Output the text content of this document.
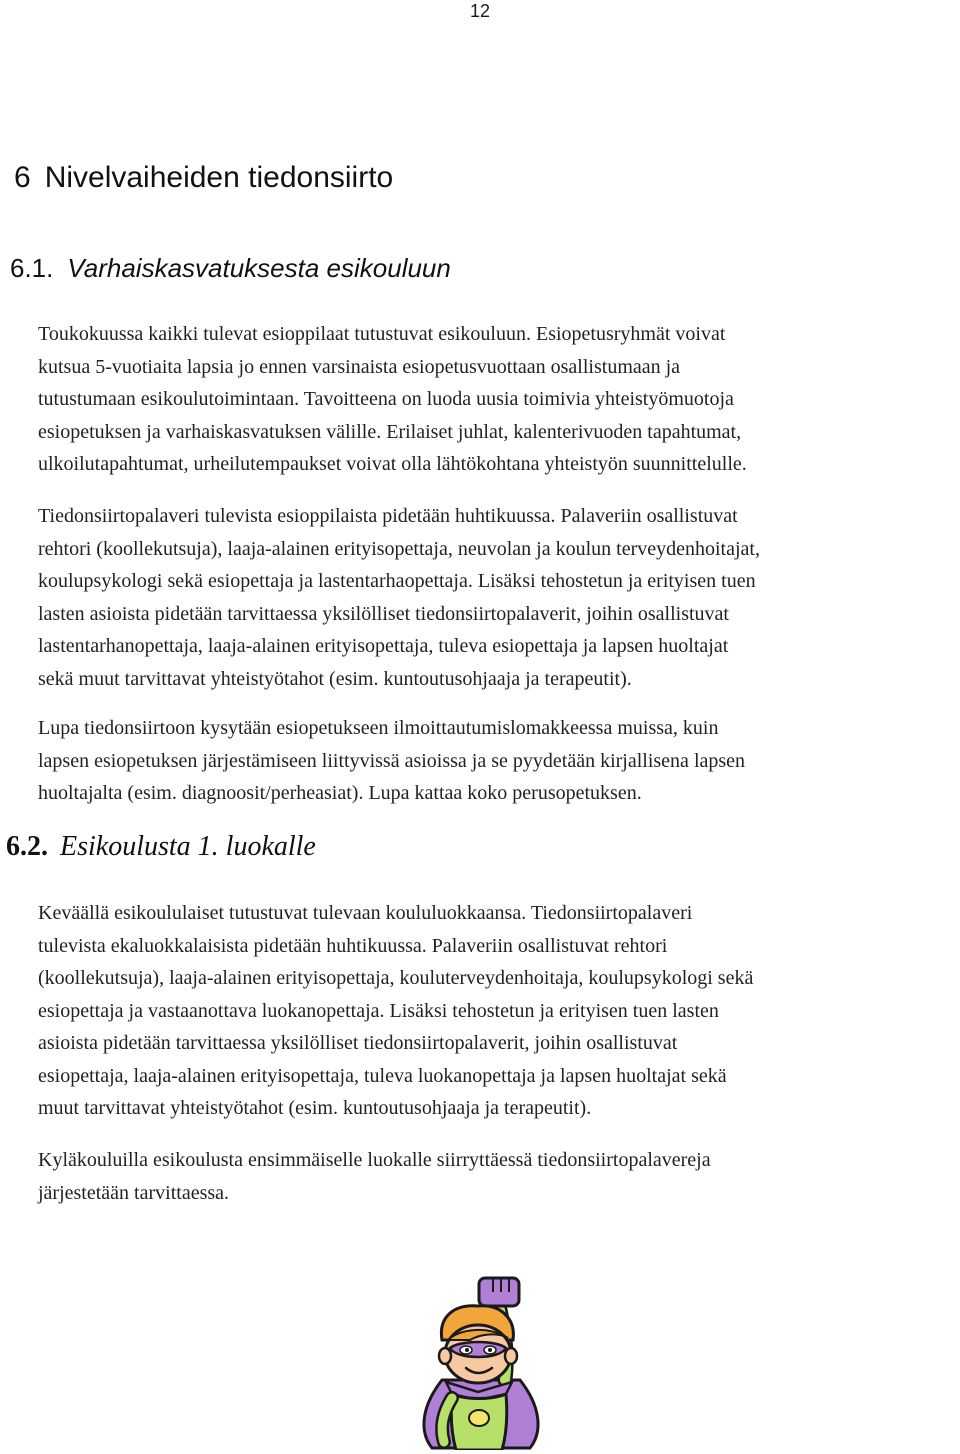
12
6 Nivelvaiheiden tiedonsiirto
6.1. Varhaiskasvatuksesta esikouluun

Toukokuussa kaikki tulevat esioppilaat tutustuvat esikouluun. Esiopetusryhmät voivat
kutsua 5-vuotiaita lapsia jo ennen varsinaista esiopetusvuottaan osallistumaan ja
tutustumaan esikoulutoimintaan. Tavoitteena on luoda uusia toimivia yhteistyömuotoja
esiopetuksen ja varhaiskasvatuksen välille. Erilaiset juhlat, kalenterivuoden tapahtumat,
ulkoilutapahtumat, urheilutempaukset voivat olla lähtökohtana yhteistyön suunnittelulle.

Tiedonsiirtopalaveri tulevista esioppilaista pidetään huhtikuussa. Palaveriin osallistuvat
rehtori (koollekutsuja), laaja-alainen erityisopettaja, neuvolan ja koulun terveydenhoitajat,
koulupsykologi sekä esiopettaja ja lastentarhaopettaja. Lisäksi tehostetun ja erityisen tuen
lasten asioista pidetään tarvittaessa yksilölliset tiedonsiirtopalaverit, joihin osallistuvat
lastentarhanopettaja, laaja-alainen erityisopettaja, tuleva esiopettaja ja lapsen huoltajat
sekä muut tarvittavat yhteistyötahot (esim. kuntoutusohjaaja ja terapeutit).

Lupa tiedonsiirtoon kysytään esiopetukseen ilmoittautumislomakkeessa muissa, kuin
lapsen esiopetuksen järjestämiseen liittyvissä asioissa ja se pyydetään kirjallisena lapsen
huoltajalta (esim. diagnoosit/perheasiat). Lupa kattaa koko perusopetuksen.

6.2. Esikoulusta 1. luokalle

Keväällä esikoululaiset tutustuvat tulevaan koululuokkaansa. Tiedonsiirtopalaveri
tulevista ekaluokkalaisista pidetään huhtikuussa. Palaveriin osallistuvat rehtori
(koollekutsuja), laaja-alainen erityisopettaja, kouluterveydenhoitaja, koulupsykologi sekä
esiopettaja ja vastaanottava luokanopettaja. Lisäksi tehostetun ja erityisen tuen lasten
asioista pidetään tarvittaessa yksilölliset tiedonsiirtopalaverit, joihin osallistuvat
esiopettaja, laaja-alainen erityisopettaja, tuleva luokanopettaja ja lapsen huoltajat sekä
muut tarvittavat yhteistyötahot (esim. kuntoutusohjaaja ja terapeutit).

Kyläkouluilla esikoulusta ensimmäiselle luokalle siirryttäessä tiedonsiirtopalavereja
järjestetään tarvittaessa.
